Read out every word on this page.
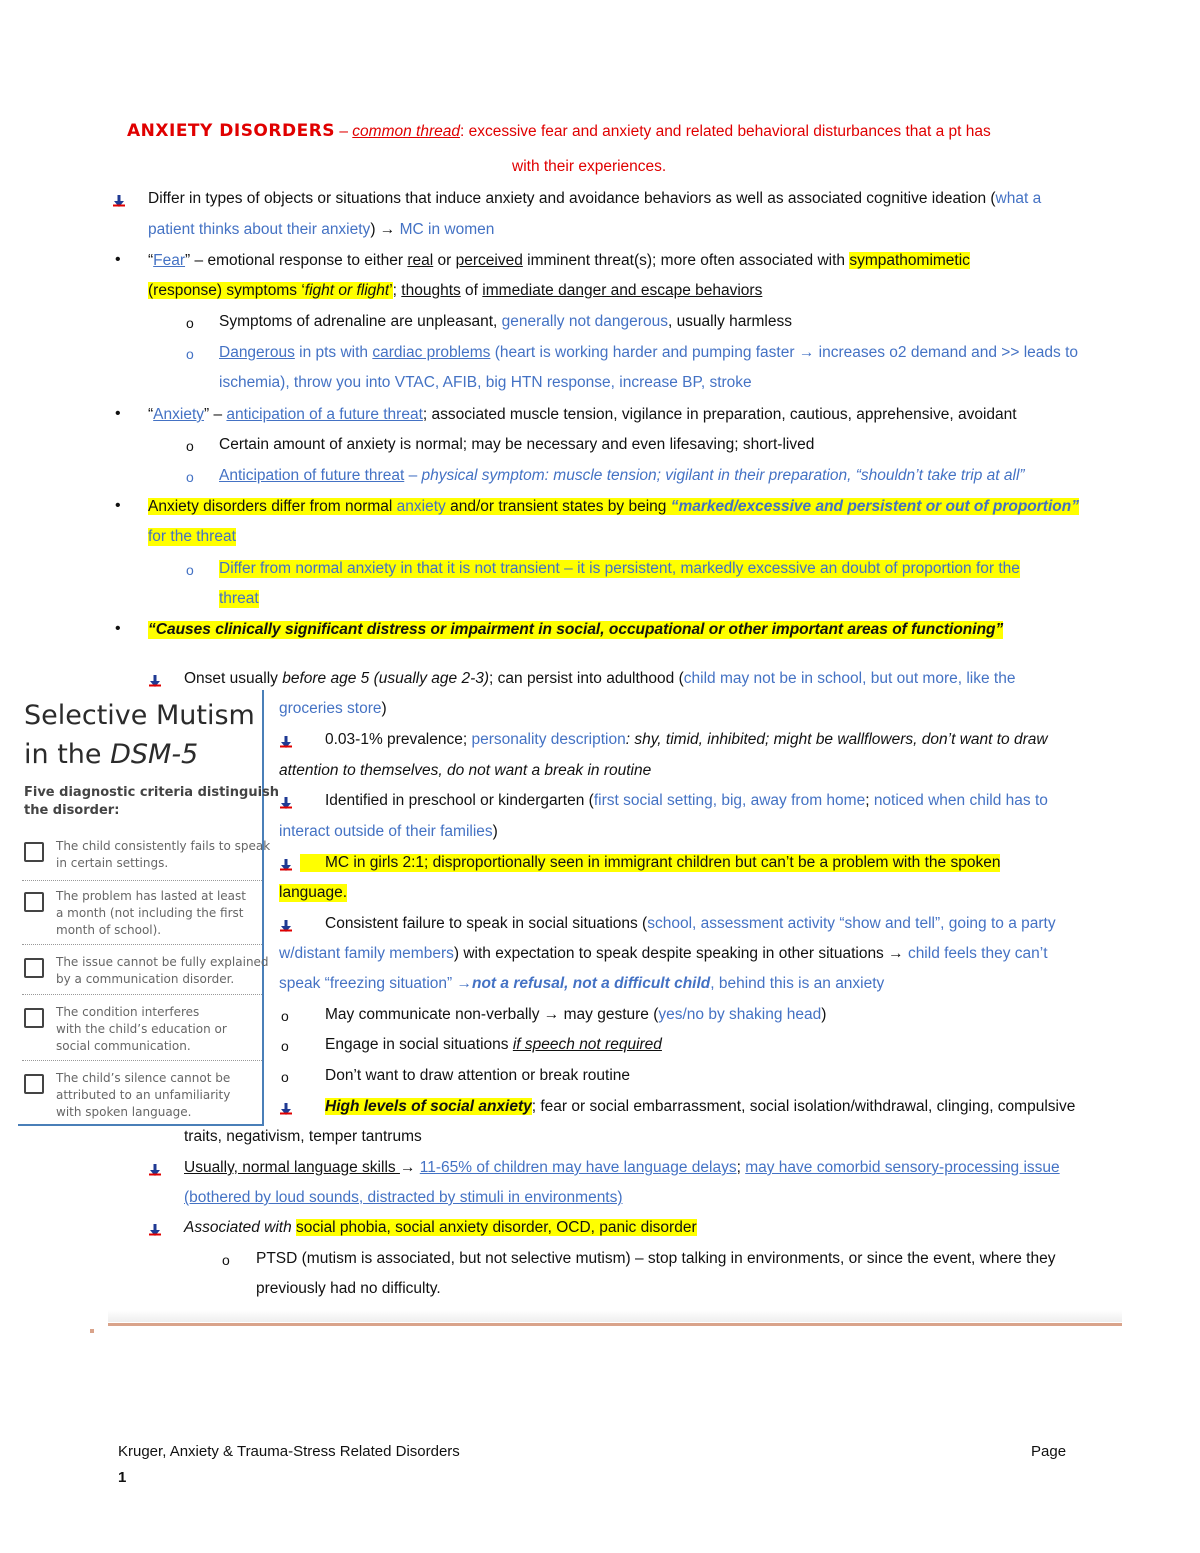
ANXIETY DISORDERS – common thread: excessive fear and anxiety and related behavioral disturbances that a pt has
with their experiences.
Differ in types of objects or situations that induce anxiety and avoidance behaviors as well as associated cognitive ideation (what a
patient thinks about their anxiety) → MC in women
• “Fear” – emotional response to either real or perceived imminent threat(s); more often associated with sympathomimetic
(response) symptoms ‘fight or flight’; thoughts of immediate danger and escape behaviors
o Symptoms of adrenaline are unpleasant, generally not dangerous, usually harmless
o Dangerous in pts with cardiac problems (heart is working harder and pumping faster → increases o2 demand and >> leads to
ischemia), throw you into VTAC, AFIB, big HTN response, increase BP, stroke
• “Anxiety” – anticipation of a future threat; associated muscle tension, vigilance in preparation, cautious, apprehensive, avoidant
o Certain amount of anxiety is normal; may be necessary and even lifesaving; short-lived
o Anticipation of future threat – physical symptom: muscle tension; vigilant in their preparation, “shouldn’t take trip at all”
• Anxiety disorders differ from normal anxiety and/or transient states by being “marked/excessive and persistent or out of proportion”
for the threat
o Differ from normal anxiety in that it is not transient – it is persistent, markedly excessive an doubt of proportion for the
threat
• “Causes clinically significant distress or impairment in social, occupational or other important areas of functioning”
Onset usually before age 5 (usually age 2-3); can persist into adulthood (child may not be in school, but out more, like the
groceries store)
0.03-1% prevalence; personality description: shy, timid, inhibited; might be wallflowers, don’t want to draw
attention to themselves, do not want a break in routine
Identified in preschool or kindergarten (first social setting, big, away from home; noticed when child has to
interact outside of their families)
MC in girls 2:1; disproportionally seen in immigrant children but can’t be a problem with the spoken
language.
Consistent failure to speak in social situations (school, assessment activity “show and tell”, going to a party
w/distant family members) with expectation to speak despite speaking in other situations → child feels they can’t
speak “freezing situation” →not a refusal, not a difficult child, behind this is an anxiety
o May communicate non-verbally → may gesture (yes/no by shaking head)
o Engage in social situations if speech not required
o Don’t want to draw attention or break routine
High levels of social anxiety; fear or social embarrassment, social isolation/withdrawal, clinging, compulsive
traits, negativism, temper tantrums
Usually, normal language skills → 11-65% of children may have language delays; may have comorbid sensory-processing issue
(bothered by loud sounds, distracted by stimuli in environments)
Associated with social phobia, social anxiety disorder, OCD, panic disorder
o PTSD (mutism is associated, but not selective mutism) – stop talking in environments, or since the event, where they
previously had no difficulty.
Selective Mutism
in the DSM-5
Five diagnostic criteria distinguish
the disorder:
The child consistently fails to speak
in certain settings.
The problem has lasted at least
a month (not including the first
month of school).
The issue cannot be fully explained
by a communication disorder.
The condition interferes
with the child’s education or
social communication.
The child’s silence cannot be
attributed to an unfamiliarity
with spoken language.
Kruger, Anxiety & Trauma-Stress Related Disorders	Page
1
